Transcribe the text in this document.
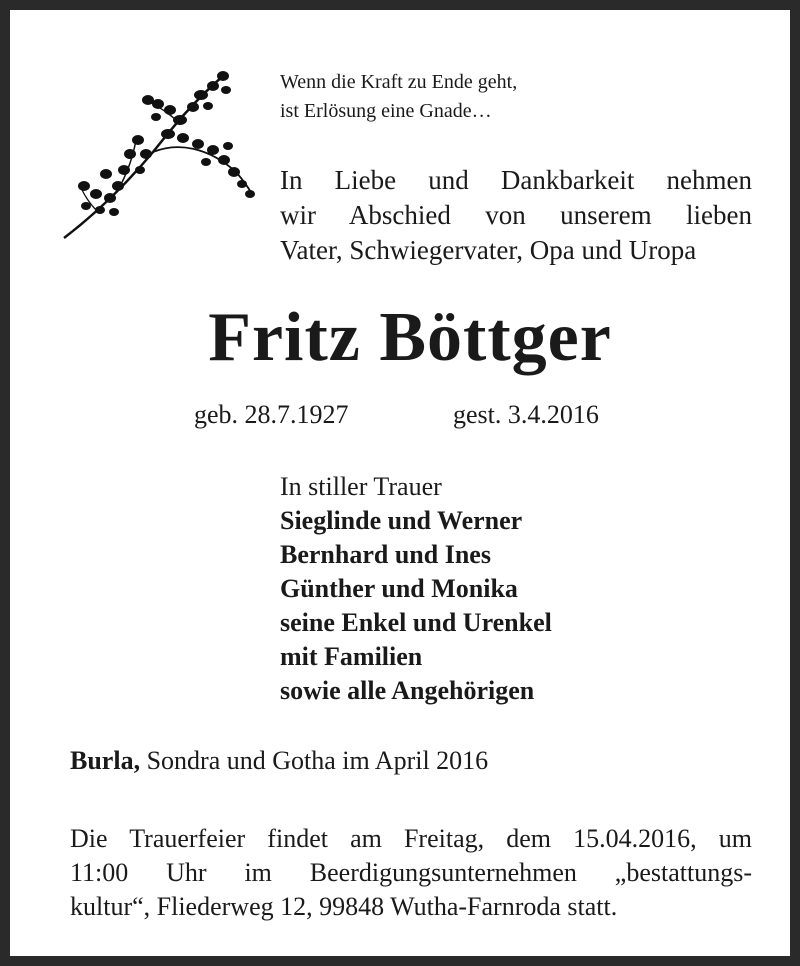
Wenn die Kraft zu Ende geht,
ist Erlösung eine Gnade…
In Liebe und Dankbarkeit nehmen
wir Abschied von unserem lieben
Vater, Schwiegervater, Opa und Uropa
Fritz Böttger
geb. 28.7.1927	gest. 3.4.2016
In stiller Trauer
Sieglinde und Werner
Bernhard und Ines
Günther und Monika
seine Enkel und Urenkel
mit Familien
sowie alle Angehörigen
Burla, Sondra und Gotha im April 2016
Die Trauerfeier findet am Freitag, dem 15.04.2016, um
11:00 Uhr im Beerdigungsunternehmen „bestattungs-
kultur“, Fliederweg 12, 99848 Wutha-Farnroda statt.
